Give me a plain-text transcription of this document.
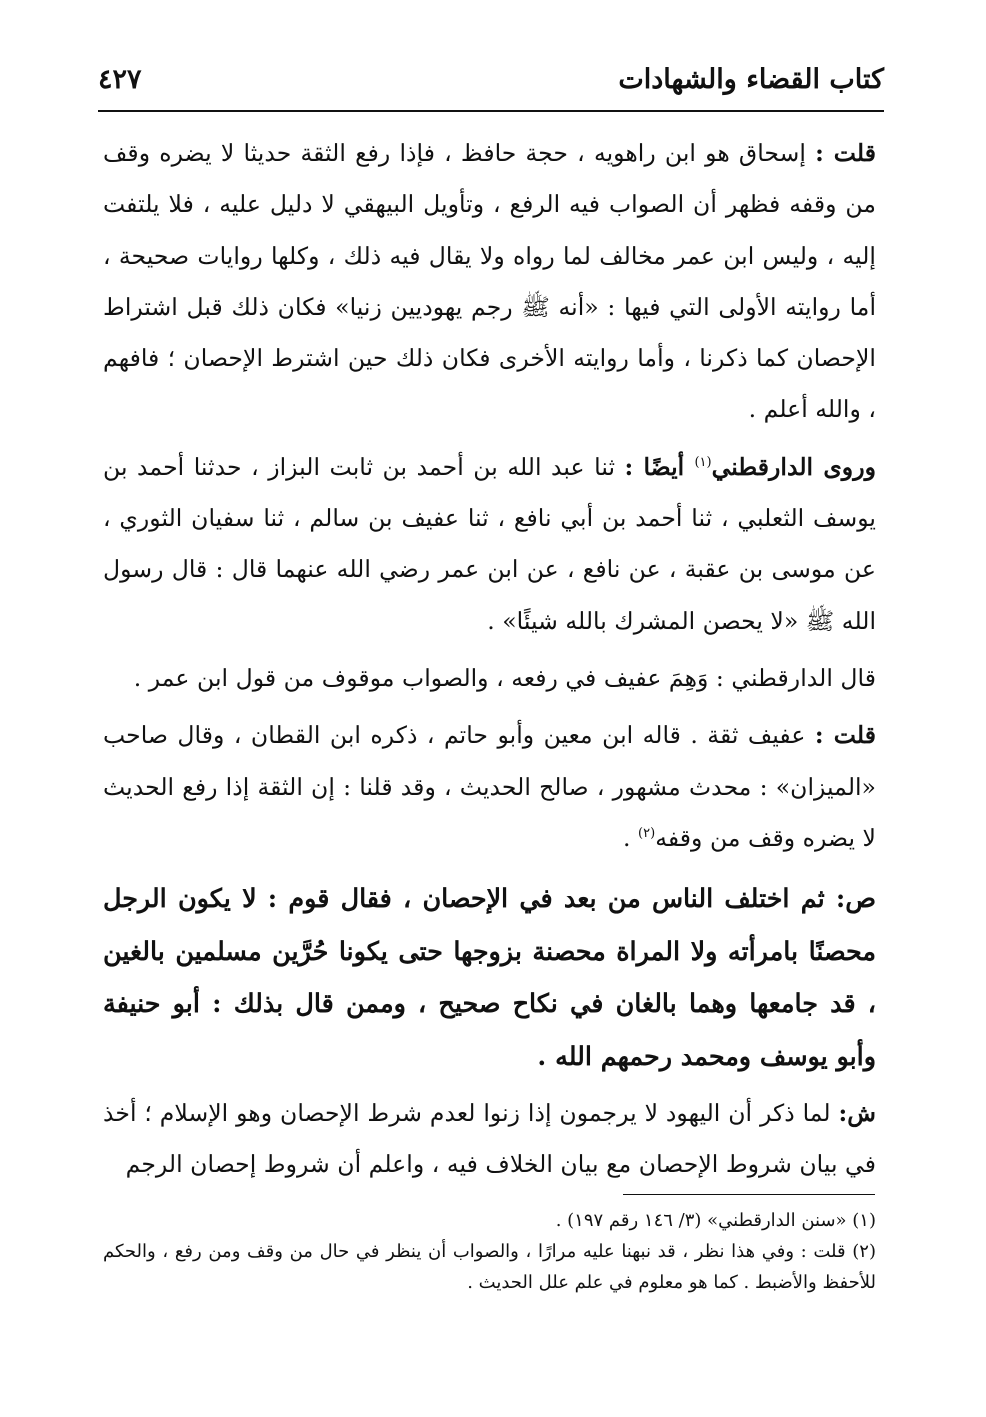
كتاب القضاء والشهادات
٤٢٧

قلت : إسحاق هو ابن راهويه ، حجة حافظ ، فإذا رفع الثقة حديثا لا يضره وقف من وقفه فظهر أن الصواب فيه الرفع ، وتأويل البيهقي لا دليل عليه ، فلا يلتفت إليه ، وليس ابن عمر مخالف لما رواه ولا يقال فيه ذلك ، وكلها روايات صحيحة ، أما روايته الأولى التي فيها : «أنه ﷺ رجم يهوديين زنيا» فكان ذلك قبل اشتراط الإحصان كما ذكرنا ، وأما روايته الأخرى فكان ذلك حين اشترط الإحصان ؛ فافهم ، والله أعلم .

وروى الدارقطني$^{(١)}$ أيضًا : ثنا عبد الله بن أحمد بن ثابت البزاز ، حدثنا أحمد بن يوسف الثعلبي ، ثنا أحمد بن أبي نافع ، ثنا عفيف بن سالم ، ثنا سفيان الثوري ، عن موسى بن عقبة ، عن نافع ، عن ابن عمر رضي الله عنهما قال : قال رسول الله ﷺ «لا يحصن المشرك بالله شيئًا» .

قال الدارقطني : وَهِمَ عفيف في رفعه ، والصواب موقوف من قول ابن عمر .

قلت : عفيف ثقة . قاله ابن معين وأبو حاتم ، ذكره ابن القطان ، وقال صاحب «الميزان» : محدث مشهور ، صالح الحديث ، وقد قلنا : إن الثقة إذا رفع الحديث لا يضره وقف من وقفه$^{(٢)}$ .

ص: ثم اختلف الناس من بعد في الإحصان ، فقال قوم : لا يكون الرجل محصنًا بامرأته ولا المراة محصنة بزوجها حتى يكونا حُرَّين مسلمين بالغين ، قد جامعها وهما بالغان في نكاح صحيح ، وممن قال بذلك : أبو حنيفة وأبو يوسف ومحمد رحمهم الله .

ش: لما ذكر أن اليهود لا يرجمون إذا زنوا لعدم شرط الإحصان وهو الإسلام ؛ أخذ في بيان شروط الإحصان مع بيان الخلاف فيه ، واعلم أن شروط إحصان الرجم

(١) «سنن الدارقطني» (٣/ ١٤٦ رقم ١٩٧) .

(٢) قلت : وفي هذا نظر ، قد نبهنا عليه مرارًا ، والصواب أن ينظر في حال من وقف ومن رفع ، والحكم للأحفظ والأضبط . كما هو معلوم في علم علل الحديث .
